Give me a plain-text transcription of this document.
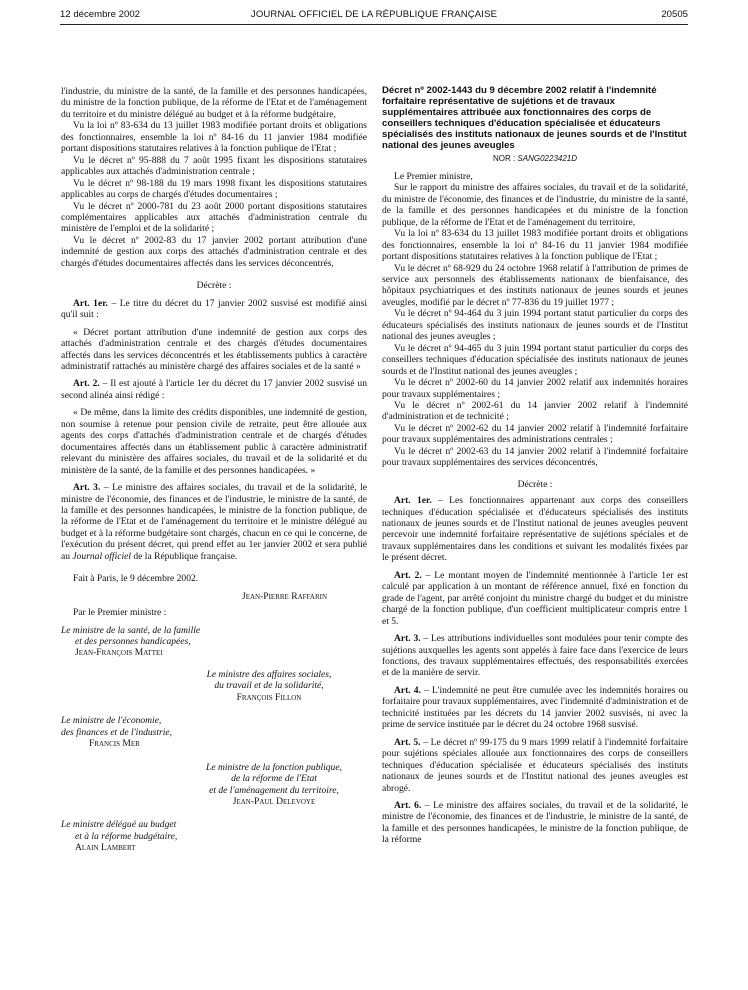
12 décembre 2002	JOURNAL OFFICIEL DE LA RÉPUBLIQUE FRANÇAISE	20505

l'industrie, du ministre de la santé, de la famille et des personnes handicapées, du ministre de la fonction publique, de la réforme de l'Etat et de l'aménagement du territoire et du ministre délégué au budget et à la réforme budgétaire,

Vu la loi nº 83-634 du 13 juillet 1983 modifiée portant droits et obligations des fonctionnaires, ensemble la loi nº 84-16 du 11 janvier 1984 modifiée portant dispositions statutaires relatives à la fonction publique de l'Etat ;

Vu le décret nº 95-888 du 7 août 1995 fixant les dispositions statutaires applicables aux attachés d'administration centrale ;

Vu le décret nº 98-188 du 19 mars 1998 fixant les dispositions statutaires applicables au corps de chargés d'études documentaires ;

Vu le décret nº 2000-781 du 23 août 2000 portant dispositions statutaires complémentaires applicables aux attachés d'administration centrale du ministère de l'emploi et de la solidarité ;

Vu le décret nº 2002-83 du 17 janvier 2002 portant attribution d'une indemnité de gestion aux corps des attachés d'administration centrale et des chargés d'études documentaires affectés dans les services déconcentrés,

Décrète :

Art. 1er. – Le titre du décret du 17 janvier 2002 susvisé est modifié ainsi qu'il suit :

« Décret portant attribution d'une indemnité de gestion aux corps des attachés d'administration centrale et des chargés d'études documentaires affectés dans les services déconcentrés et les établissements publics à caractère administratif rattachés au ministère chargé des affaires sociales et de la santé »

Art. 2. – Il est ajouté à l'article 1er du décret du 17 janvier 2002 susvisé un second alinéa ainsi rédigé :

« De même, dans la limite des crédits disponibles, une indemnité de gestion, non soumise à retenue pour pension civile de retraite, peut être allouée aux agents des corps d'attachés d'administration centrale et de chargés d'études documentaires affectés dans un établissement public à caractère administratif relevant du ministère des affaires sociales, du travail et de la solidarité et du ministère de la santé, de la famille et des personnes handicapées. »

Art. 3. – Le ministre des affaires sociales, du travail et de la solidarité, le ministre de l'économie, des finances et de l'industrie, le ministre de la santé, de la famille et des personnes handicapées, le ministre de la fonction publique, de la réforme de l'Etat et de l'aménagement du territoire et le ministre délégué au budget et à la réforme budgétaire sont chargés, chacun en ce qui le concerne, de l'exécution du présent décret, qui prend effet au 1er janvier 2002 et sera publié au Journal officiel de la République française.

Fait à Paris, le 9 décembre 2002.

Jean-Pierre Raffarin

Par le Premier ministre :

Le ministre de la santé, de la famille

et des personnes handicapées,

Jean-François Mattei

Le ministre des affaires sociales,

du travail et de la solidarité,

François Fillon

Le ministre de l'économie,

des finances et de l'industrie,

Francis Mer

Le ministre de la fonction publique,

de la réforme de l'Etat

et de l'aménagement du territoire,

Jean-Paul Delevoye

Le ministre délégué au budget

et à la réforme budgétaire,

Alain Lambert

Décret nº 2002-1443 du 9 décembre 2002 relatif à l'indemnité forfaitaire représentative de sujétions et de travaux supplémentaires attribuée aux fonctionnaires des corps de conseillers techniques d'éducation spécialisée et éducateurs spécialisés des instituts nationaux de jeunes sourds et de l'Institut national des jeunes aveugles

NOR : SANG0223421D

Le Premier ministre,

Sur le rapport du ministre des affaires sociales, du travail et de la solidarité, du ministre de l'économie, des finances et de l'industrie, du ministre de la santé, de la famille et des personnes handicapées et du ministre de la fonction publique, de la réforme de l'Etat et de l'aménagement du territoire,

Vu la loi nº 83-634 du 13 juillet 1983 modifiée portant droits et obligations des fonctionnaires, ensemble la loi nº 84-16 du 11 janvier 1984 modifiée portant dispositions statutaires relatives à la fonction publique de l'Etat ;

Vu le décret nº 68-929 du 24 octobre 1968 relatif à l'attribution de primes de service aux personnels des établissements nationaux de bienfaisance, des hôpitaux psychiatriques et des instituts nationaux de jeunes sourds et jeunes aveugles, modifié par le décret nº 77-836 du 19 juillet 1977 ;

Vu le décret nº 94-464 du 3 juin 1994 portant statut particulier du corps des éducateurs spécialisés des instituts nationaux de jeunes sourds et de l'Institut national des jeunes aveugles ;

Vu le décret nº 94-465 du 3 juin 1994 portant statut particulier du corps des conseillers techniques d'éducation spécialisée des instituts nationaux de jeunes sourds et de l'Institut national des jeunes aveugles ;

Vu le décret nº 2002-60 du 14 janvier 2002 relatif aux indemnités horaires pour travaux supplémentaires ;

Vu le décret nº 2002-61 du 14 janvier 2002 relatif à l'indemnité d'administration et de technicité ;

Vu le décret nº 2002-62 du 14 janvier 2002 relatif à l'indemnité forfaitaire pour travaux supplémentaires des administrations centrales ;

Vu le décret nº 2002-63 du 14 janvier 2002 relatif à l'indemnité forfaitaire pour travaux supplémentaires des services déconcentrés,

Décrète :

Art. 1er. – Les fonctionnaires appartenant aux corps des conseillers techniques d'éducation spécialisée et d'éducateurs spécialisés des instituts nationaux de jeunes sourds et de l'Institut national de jeunes aveugles peuvent percevoir une indemnité forfaitaire représentative de sujétions spéciales et de travaux supplémentaires dans les conditions et suivant les modalités fixées par le présent décret.

Art. 2. – Le montant moyen de l'indemnité mentionnée à l'article 1er est calculé par application à un montant de référence annuel, fixé en fonction du grade de l'agent, par arrêté conjoint du ministre chargé du budget et du ministre chargé de la fonction publique, d'un coefficient multiplicateur compris entre 1 et 5.

Art. 3. – Les attributions individuelles sont modulées pour tenir compte des sujétions auxquelles les agents sont appelés à faire face dans l'exercice de leurs fonctions, des travaux supplémentaires effectués, des responsabilités exercées et de la manière de servir.

Art. 4. – L'indemnité ne peut être cumulée avec les indemnités horaires ou forfaitaire pour travaux supplémentaires, avec l'indemnité d'administration et de technicité instituées par les décrets du 14 janvier 2002 susvisés, ni avec la prime de service instituée par le décret du 24 octobre 1968 susvisé.

Art. 5. – Le décret nº 99-175 du 9 mars 1999 relatif à l'indemnité forfaitaire pour sujétions spéciales allouée aux fonctionnaires des corps de conseillers techniques d'éducation spécialisée et éducateurs spécialisés des instituts nationaux de jeunes sourds et de l'Institut national des jeunes aveugles est abrogé.

Art. 6. – Le ministre des affaires sociales, du travail et de la solidarité, le ministre de l'économie, des finances et de l'industrie, le ministre de la santé, de la famille et des personnes handicapées, le ministre de la fonction publique, de la réforme
